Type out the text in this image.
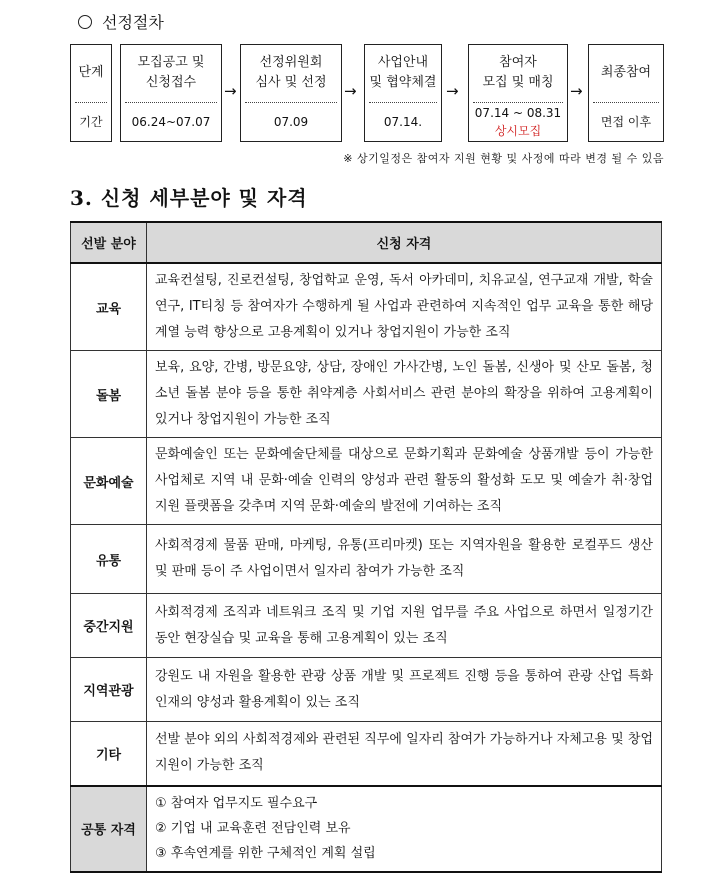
선정절차
단계
기간
모집공고 및
신청접수
06.24~07.07
→
선정위원회
심사 및 선정
07.09
→
사업안내
및 협약체결
07.14.
→
참여자
모집 및 매칭
07.14 ~ 08.31
상시모집
→
최종참여
면접 이후
※ 상기일정은 참여자 지원 현황 및 사정에 따라 변경 될 수 있음
3. 신청 세부분야 및 자격
선발 분야	신청 자격
교육	교육컨설팅, 진로컨설팅, 창업학교 운영, 독서 아카데미, 치유교실, 연구교재 개발, 학술연구, IT티칭 등 참여자가 수행하게 될 사업과 관련하여 지속적인 업무 교육을 통한 해당 계열 능력 향상으로 고용계획이 있거나 창업지원이 가능한 조직
돌봄	보육, 요양, 간병, 방문요양, 상담, 장애인 가사간병, 노인 돌봄, 신생아 및 산모 돌봄, 청소년 돌봄 분야 등을 통한 취약계층 사회서비스 관련 분야의 확장을 위하여 고용계획이 있거나 창업지원이 가능한 조직
문화예술	문화예술인 또는 문화예술단체를 대상으로 문화기획과 문화예술 상품개발 등이 가능한 사업체로 지역 내 문화·예술 인력의 양성과 관련 활동의 활성화 도모 및 예술가 취·창업 지원 플랫폼을 갖추며 지역 문화·예술의 발전에 기여하는 조직
유통	사회적경제 물품 판매, 마케팅, 유통(프리마켓) 또는 지역자원을 활용한 로컬푸드 생산 및 판매 등이 주 사업이면서 일자리 참여가 가능한 조직
중간지원	사회적경제 조직과 네트워크 조직 및 기업 지원 업무를 주요 사업으로 하면서 일정기간 동안 현장실습 및 교육을 통해 고용계획이 있는 조직
지역관광	강원도 내 자원을 활용한 관광 상품 개발 및 프로젝트 진행 등을 통하여 관광 산업 특화 인재의 양성과 활용계획이 있는 조직
기타	선발 분야 외의 사회적경제와 관련된 직무에 일자리 참여가 가능하거나 자체고용 및 창업지원이 가능한 조직
공통 자격	① 참여자 업무지도 필수요구
② 기업 내 교육훈련 전담인력 보유
③ 후속연계를 위한 구체적인 계획 설립
